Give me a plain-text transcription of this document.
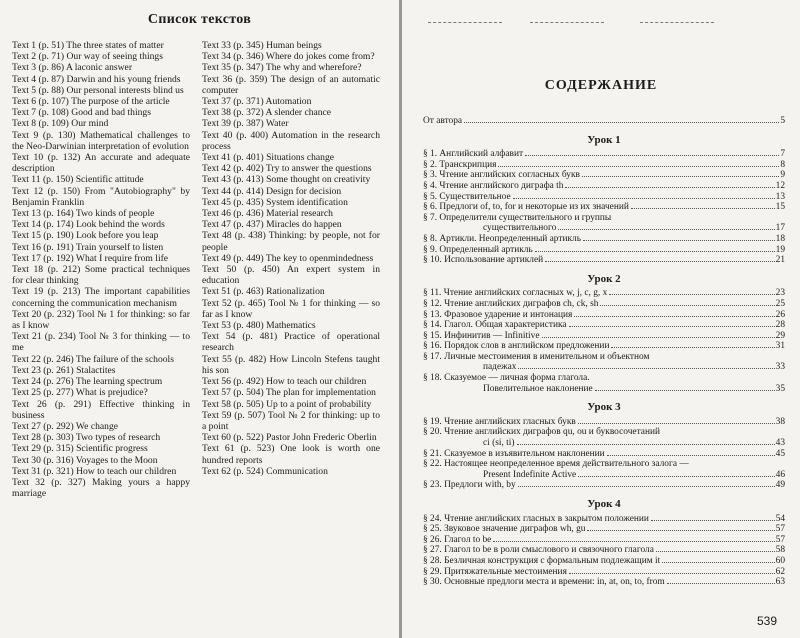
Список текстов

Text 1 (p. 51) The three states of matter

Text 2 (p. 71) Our way of seeing things

Text 3 (p. 86) A laconic answer

Text 4 (p. 87) Darwin and his young friends

Text 5 (p. 88) Our personal interests blind us

Text 6 (p. 107) The purpose of the article

Text 7 (p. 108) Good and bad things

Text 8 (p. 109) Our mind

Text 9 (p. 130) Mathematical challenges to the Neo-Darwinian interpretation of evolution

Text 10 (p. 132) An accurate and adequate description

Text 11 (p. 150) Scientific attitude

Text 12 (p. 150) From "Autobiography" by Benjamin Franklin

Text 13 (p. 164) Two kinds of people

Text 14 (p. 174) Look behind the words

Text 15 (p. 190) Look before you leap

Text 16 (p. 191) Train yourself to listen

Text 17 (p. 192) What I require from life

Text 18 (p. 212) Some practical techniques for clear thinking

Text 19 (p. 213) The important capabilities concerning the communication mechanism

Text 20 (p. 232) Tool № 1 for thinking: so far as I know

Text 21 (p. 234) Tool № 3 for thinking — to me

Text 22 (p. 246) The failure of the schools

Text 23 (p. 261) Stalactites

Text 24 (p. 276) The learning spectrum

Text 25 (p. 277) What is prejudice?

Text 26 (p. 291) Effective thinking in business

Text 27 (p. 292) We change

Text 28 (p. 303) Two types of research

Text 29 (p. 315) Scientific progress

Text 30 (p. 316) Voyages to the Moon

Text 31 (p. 321) How to teach our children

Text 32 (p. 327) Making yours a happy marriage

Text 33 (p. 345) Human beings

Text 34 (p. 346) Where do jokes come from?

Text 35 (p. 347) The why and wherefore?

Text 36 (p. 359) The design of an automatic computer

Text 37 (p. 371) Automation

Text 38 (p. 372) A slender chance

Text 39 (p. 387) Water

Text 40 (p. 400) Automation in the research process

Text 41 (p. 401) Situations change

Text 42 (p. 402) Try to answer the questions

Text 43 (p. 413) Some thought on creativity

Text 44 (p. 414) Design for decision

Text 45 (p. 435) System identification

Text 46 (p. 436) Material research

Text 47 (p. 437) Miracles do happen

Text 48 (p. 438) Thinking: by people, not for people

Text 49 (p. 449) The key to openmindedness

Text 50 (p. 450) An expert system in education

Text 51 (p. 463) Rationalization

Text 52 (p. 465) Tool № 1 for thinking — so far as I know

Text 53 (p. 480) Mathematics

Text 54 (p. 481) Practice of operational research

Text 55 (p. 482) How Lincoln Stefens taught his son

Text 56 (p. 492) How to teach our children

Text 57 (p. 504) The plan for implementation

Text 58 (p. 505) Up to a point of probability

Text 59 (p. 507) Tool № 2 for thinking: up to a point

Text 60 (p. 522) Pastor John Frederic Oberlin

Text 61 (p. 523) One look is worth one hundred reports

Text 62 (p. 524) Communication

СОДЕРЖАНИЕ
От автора	5
Урок 1
§ 1. Английский алфавит	7
§ 2. Транскрипция	8
§ 3. Чтение английских согласных букв	9
§ 4. Чтение английского диграфа th	12
§ 5. Существительное	13
§ 6. Предлоги of, to, for и некоторые из их значений	15
§ 7. Определители существительного и группы
существительного	17
§ 8. Артикли. Неопределенный артикль	18
§ 9. Определенный артикль	19
§ 10. Использование артиклей	21
Урок 2
§ 11. Чтение английских согласных w, j, c, g, x	23
§ 12. Чтение английских диграфов ch, ck, sh	25
§ 13. Фразовое ударение и интонация	26
§ 14. Глагол. Общая характеристика	28
§ 15. Инфинитив — Infinitive	29
§ 16. Порядок слов в английском предложении	31
§ 17. Личные местоимения в именительном и объектном
падежах	33
§ 18. Сказуемое — личная форма глагола.
Повелительное наклонение	35
Урок 3
§ 19. Чтение английских гласных букв	38
§ 20. Чтение английских диграфов qu, ou и буквосочетаний
ci (si, ti)	43
§ 21. Сказуемое в изъявительном наклонении	45
§ 22. Настоящее неопределенное время действительного залога —
Present Indefinite Active	46
§ 23. Предлоги with, by	49
Урок 4
§ 24. Чтение английских гласных в закрытом положении	54
§ 25. Звуковое значение диграфов wh, gu	57
§ 26. Глагол to be	57
§ 27. Глагол to be в роли смыслового и связочного глагола	58
§ 28. Безличная конструкция с формальным подлежащим it	60
§ 29. Притяжательные местоимения	62
§ 30. Основные предлоги места и времени: in, at, on, to, from	63
539
